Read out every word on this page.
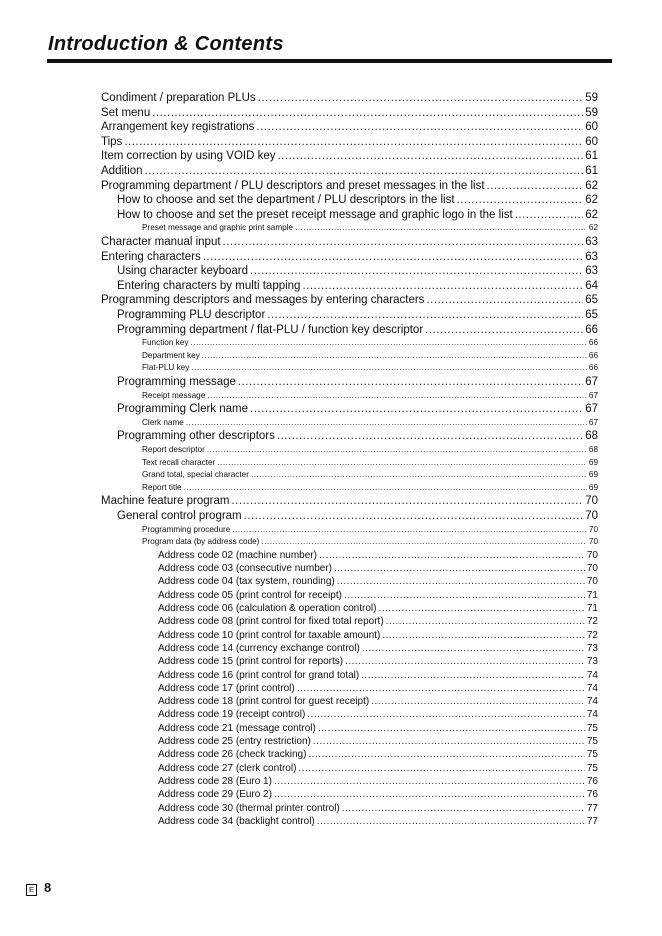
Introduction & Contents
Condiment / preparation PLUs .....	59
Set menu .....	59
Arrangement key registrations .....	60
Tips .....	60
Item correction by using VOID key .....	61
Addition .....	61
Programming department / PLU descriptors and preset messages in the list .....	62
How to choose and set the department / PLU descriptors in the list .....	62
How to choose and set the preset receipt message and graphic logo in the list .....	62
Preset message and graphic print sample .....	62
Character manual input .....	63
Entering characters .....	63
Using character keyboard .....	63
Entering characters by multi tapping .....	64
Programming descriptors and messages by entering characters .....	65
Programming PLU descriptor .....	65
Programming department / flat-PLU / function key descriptor .....	66
Function key .....	66
Department key .....	66
Flat-PLU key .....	66
Programming message .....	67
Receipt message .....	67
Programming Clerk name .....	67
Clerk name .....	67
Programming other descriptors .....	68
Report descriptor .....	68
Text recall character .....	69
Grand total, special character .....	69
Report title .....	69
Machine feature program .....	70
General control program .....	70
Programming procedure .....	70
Program data (by address code) .....	70
Address code 02 (machine number) .....	70
Address code 03 (consecutive number) .....	70
Address code 04 (tax system, rounding) .....	70
Address code 05 (print control for receipt) .....	71
Address code 06 (calculation & operation control) .....	71
Address code 08 (print control for fixed total report) .....	72
Address code 10 (print control for taxable amount) .....	72
Address code 14 (currency exchange control) .....	73
Address code 15 (print control for reports) .....	73
Address code 16 (print control for grand total) .....	74
Address code 17 (print control) .....	74
Address code 18 (print control for guest receipt) .....	74
Address code 19 (receipt control) .....	74
Address code 21 (message control) .....	75
Address code 25 (entry restriction) .....	75
Address code 26 (check tracking) .....	75
Address code 27 (clerk control) .....	75
Address code 28 (Euro 1) .....	76
Address code 29 (Euro 2) .....	76
Address code 30 (thermal printer control) .....	77
Address code 34 (backlight control) .....	77
E 8
